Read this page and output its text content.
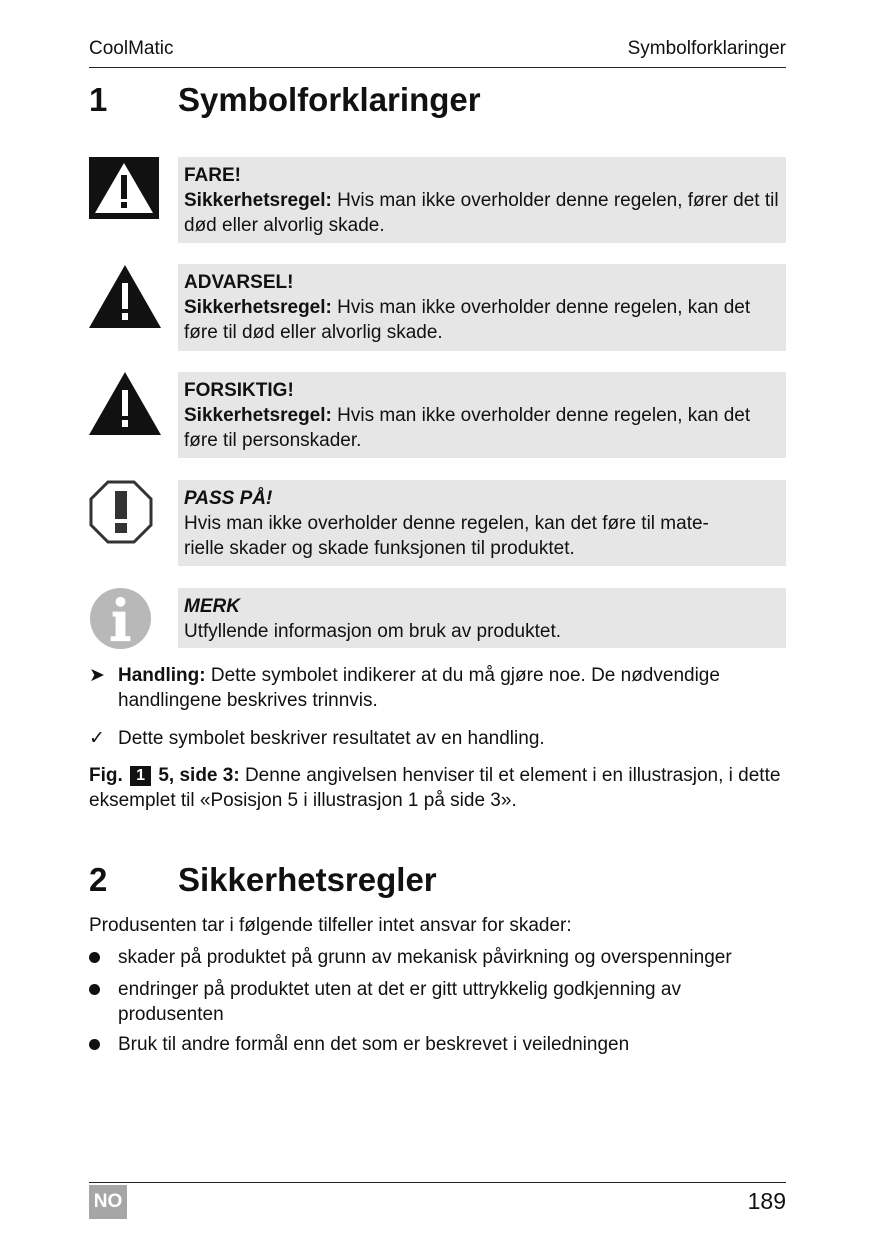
CoolMatic	Symbolforklaringer
1 Symbolforklaringer
FARE!
Sikkerhetsregel: Hvis man ikke overholder denne regelen, fører det til død eller alvorlig skade.
ADVARSEL!
Sikkerhetsregel: Hvis man ikke overholder denne regelen, kan det føre til død eller alvorlig skade.
FORSIKTIG!
Sikkerhetsregel: Hvis man ikke overholder denne regelen, kan det føre til personskader.
PASS PÅ!
Hvis man ikke overholder denne regelen, kan det føre til mate-
rielle skader og skade funksjonen til produktet.
MERK
Utfyllende informasjon om bruk av produktet.
➤ Handling: Dette symbolet indikerer at du må gjøre noe. De nødvendige handlingene beskrives trinnvis.
✓ Dette symbolet beskriver resultatet av en handling.
Fig. 1 5, side 3: Denne angivelsen henviser til et element i en illustrasjon, i dette eksemplet til «Posisjon 5 i illustrasjon 1 på side 3».
2 Sikkerhetsregler
Produsenten tar i følgende tilfeller intet ansvar for skader:
skader på produktet på grunn av mekanisk påvirkning og overspenninger
endringer på produktet uten at det er gitt uttrykkelig godkjenning av produsenten
Bruk til andre formål enn det som er beskrevet i veiledningen
NO	189
